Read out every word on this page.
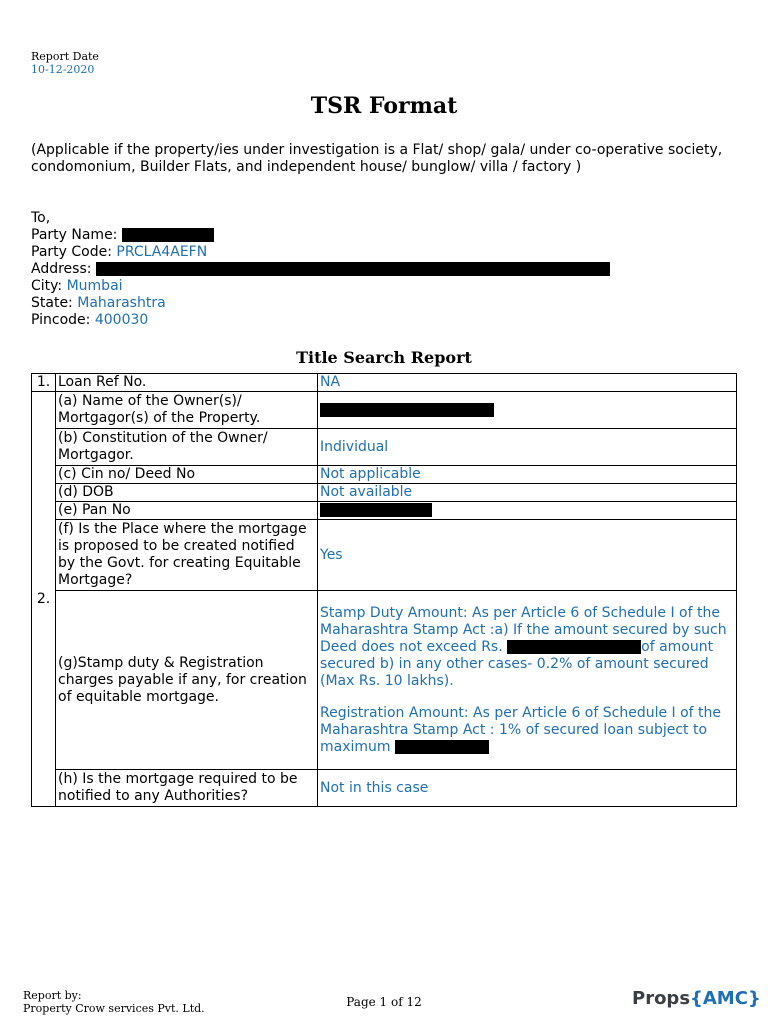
Report Date
10-12-2020
TSR Format

(Applicable if the property/ies under investigation is a Flat/ shop/ gala/ under co-operative society, condomonium, Builder Flats, and independent house/ bunglow/ villa / factory )

To,
Party Name:
Party Code: PRCLA4AEFN
Address:
City: Mumbai
State: Maharashtra
Pincode: 400030
Title Search Report
1.	Loan Ref No.	NA
2.	(a) Name of the Owner(s)/ Mortgagor(s) of the Property.	
	(b) Constitution of the Owner/ Mortgagor.	Individual
	(c) Cin no/ Deed No	Not applicable
	(d) DOB	Not available
	(e) Pan No	
	(f) Is the Place where the mortgage is proposed to be created notified by the Govt. for creating Equitable Mortgage?	Yes
	(g)Stamp duty & Registration charges payable if any, for creation of equitable mortgage.	Stamp Duty Amount: As per Article 6 of Schedule I of the Maharashtra Stamp Act :a) If the amount secured by such Deed does not exceed Rs. of amount secured b) in any other cases- 0.2% of amount secured (Max Rs. 10 lakhs).

Registration Amount: As per Article 6 of Schedule I of the Maharashtra Stamp Act : 1% of secured loan subject to maximum

	(h) Is the mortgage required to be notified to any Authorities?	Not in this case
Report by:
Property Crow services Pvt. Ltd.	Page 1 of 12	Props{AMC}
